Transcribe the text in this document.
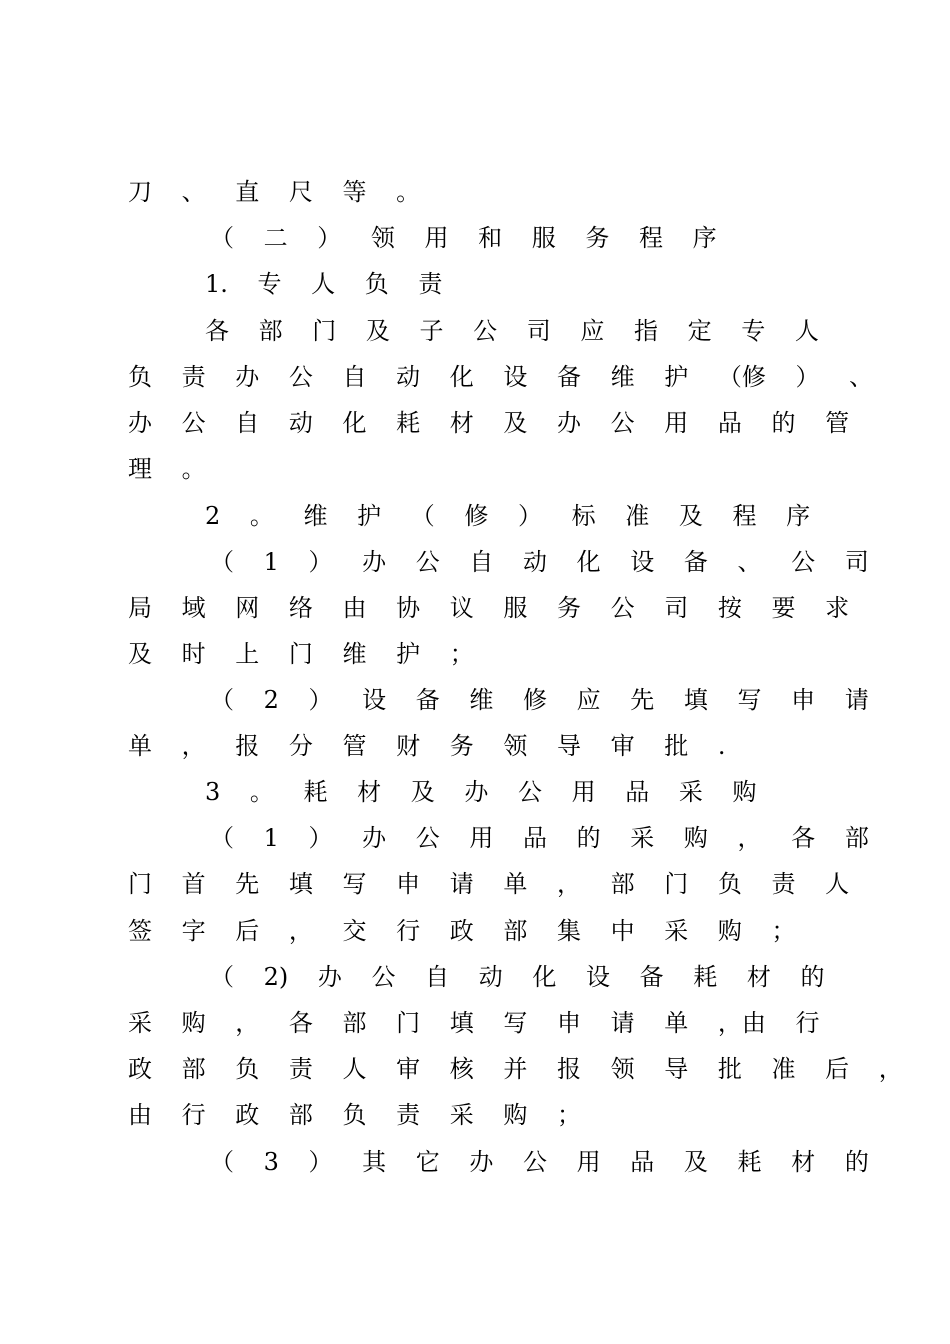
刀 、 直 尺 等 。
（ 二 ） 领 用 和 服 务 程 序
1. 专 人 负 责
各 部 门 及 子 公 司 应 指 定 专 人
负 责 办 公 自 动 化 设 备 维 护 （修 ） 、
办 公 自 动 化 耗 材 及 办 公 用 品 的 管
理 。
2 。 维 护 （ 修 ） 标 准 及 程 序
（ 1 ） 办 公 自 动 化 设 备 、 公 司
局 域 网 络 由 协 议 服 务 公 司 按 要 求
及 时 上 门 维 护 ；
（ 2 ） 设 备 维 修 应 先 填 写 申 请
单 ， 报 分 管 财 务 领 导 审 批 .
3 。 耗 材 及 办 公 用 品 采 购
（ 1 ） 办 公 用 品 的 采 购 ， 各 部
门 首 先 填 写 申 请 单 ， 部 门 负 责 人
签 字 后 ， 交 行 政 部 集 中 采 购 ；
（ 2) 办 公 自 动 化 设 备 耗 材 的
采 购 ， 各 部 门 填 写 申 请 单 ，由 行
政 部 负 责 人 审 核 并 报 领 导 批 准 后 ，
由 行 政 部 负 责 采 购 ；
（ 3 ） 其 它 办 公 用 品 及 耗 材 的
